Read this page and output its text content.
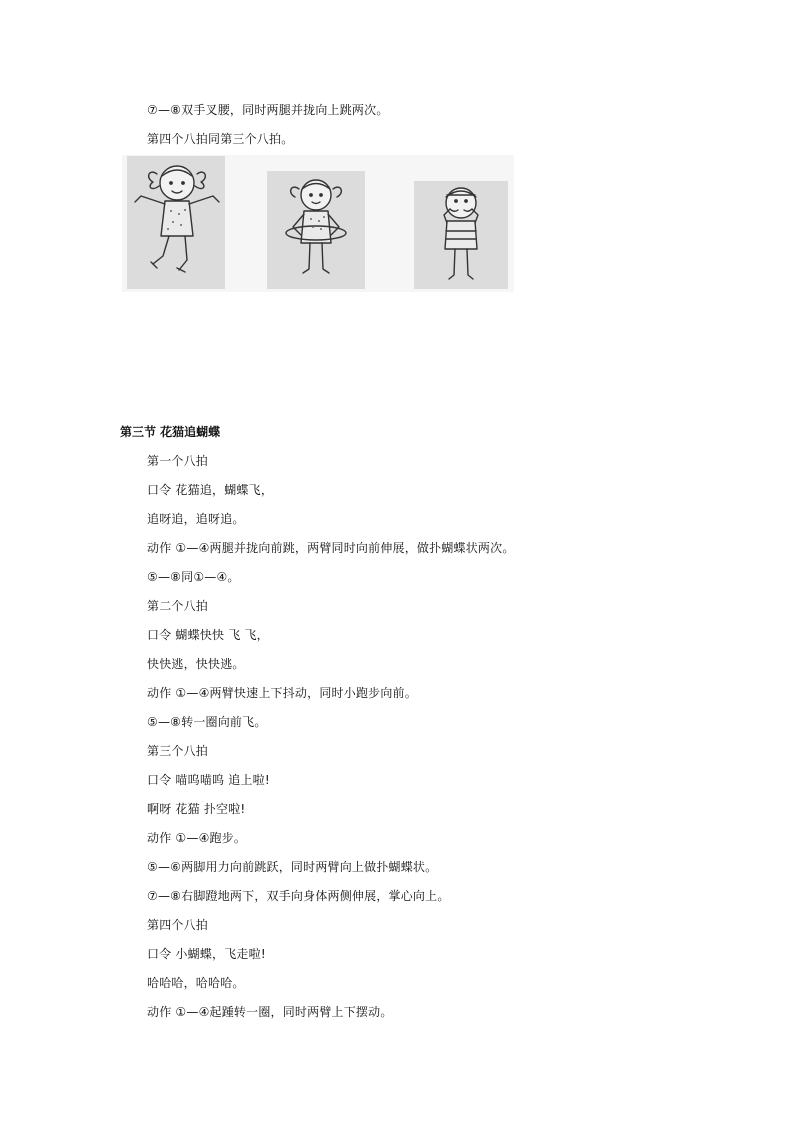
⑦—⑧双手叉腰，同时两腿并拢向上跳两次。
第四个八拍同第三个八拍。
第三节 花猫追蝴蝶
第一个八拍
口令 花猫追，蝴蝶飞，
追呀追，追呀追。
动作 ①—④两腿并拢向前跳，两臂同时向前伸展，做扑蝴蝶状两次。
⑤—⑧同①—④。
第二个八拍
口令 蝴蝶快快 飞 飞，
快快逃，快快逃。
动作 ①—④两臂快速上下抖动，同时小跑步向前。
⑤—⑧转一圈向前飞。
第三个八拍
口令 喵呜喵呜 追上啦!
啊呀 花猫 扑空啦!
动作 ①—④跑步。
⑤—⑥两脚用力向前跳跃，同时两臂向上做扑蝴蝶状。
⑦—⑧右脚蹬地两下，双手向身体两侧伸展，掌心向上。
第四个八拍
口令 小蝴蝶，飞走啦!
哈哈哈，哈哈哈。
动作 ①—④起踵转一圈，同时两臂上下摆动。
